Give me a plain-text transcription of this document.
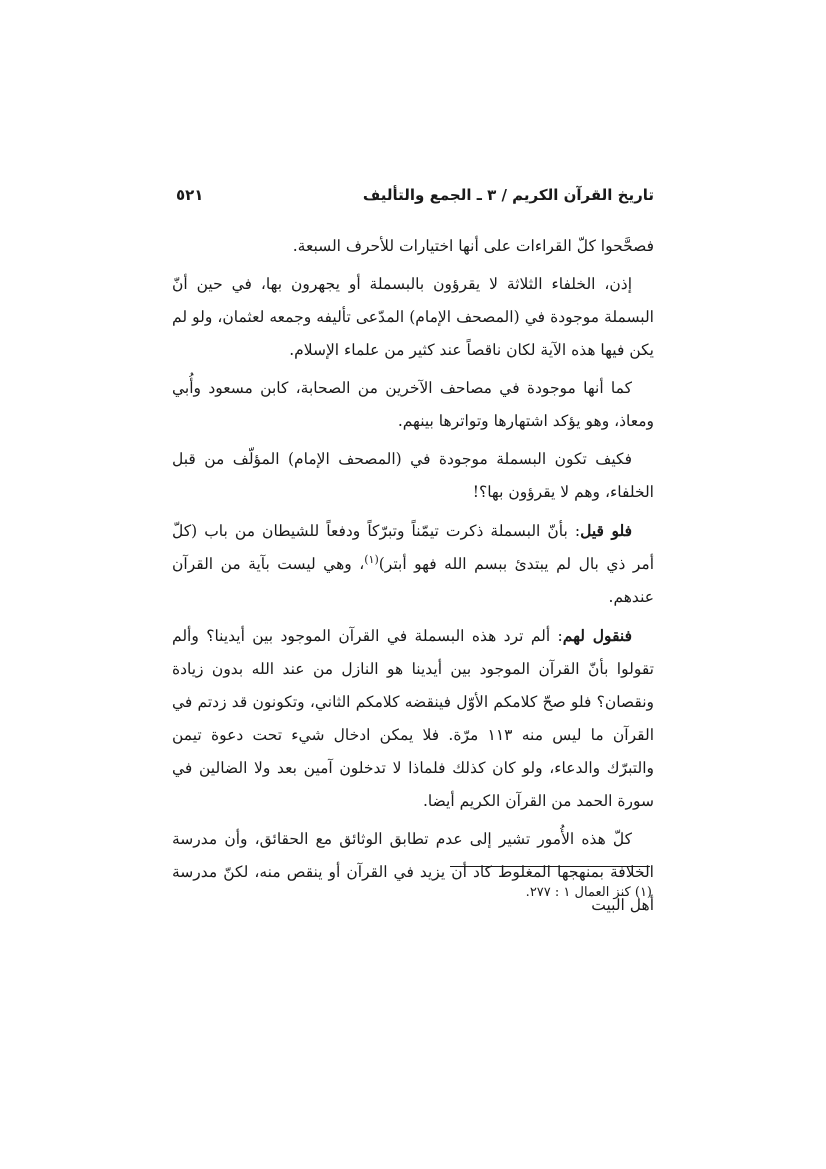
تاريخ القرآن الكريم / ٣ ـ الجمع والتأليف
٥٢١

فصحَّحوا كلّ القراءات على أنها اختيارات للأحرف السبعة.

إذن، الخلفاء الثلاثة لا يقرؤون بالبسملة أو يجهرون بها، في حين أنّ البسملة موجودة في (المصحف الإمام) المدّعى تأليفه وجمعه لعثمان، ولو لم يكن فيها هذه الآية لكان ناقصاً عند كثير من علماء الإسلام.

كما أنها موجودة في مصاحف الآخرين من الصحابة، كابن مسعود وأُبي ومعاذ، وهو يؤكد اشتهارها وتواترها بينهم.

فكيف تكون البسملة موجودة في (المصحف الإمام) المؤلّف من قبل الخلفاء، وهم لا يقرؤون بها؟!

فلو قيل: بأنّ البسملة ذكرت تيمّناً وتبرّكاً ودفعاً للشيطان من باب (كلّ أمر ذي بال لم يبتدئ ببسم الله فهو أبتر)$^{(١)}$، وهي ليست بآية من القرآن عندهم.

فنقول لهم: ألم ترد هذه البسملة في القرآن الموجود بين أيدينا؟ وألم تقولوا بأنّ القرآن الموجود بين أيدينا هو النازل من عند الله بدون زيادة ونقصان؟ فلو صحّ كلامكم الأوّل فينقضه كلامكم الثاني، وتكونون قد زدتم في القرآن ما ليس منه ١١٣ مرّة. فلا يمكن ادخال شيء تحت دعوة تيمن والتبرّك والدعاء، ولو كان كذلك فلماذا لا تدخلون آمين بعد ولا الضالين في سورة الحمد من القرآن الكريم أيضا.

كلّ هذه الأُمور تشير إلى عدم تطابق الوثائق مع الحقائق، وأن مدرسة الخلافة بمنهجها المغلوط كاد أن يزيد في القرآن أو ينقص منه، لكنّ مدرسة أهل البيت

(١) كنز العمال ١ : ٢٧٧.
